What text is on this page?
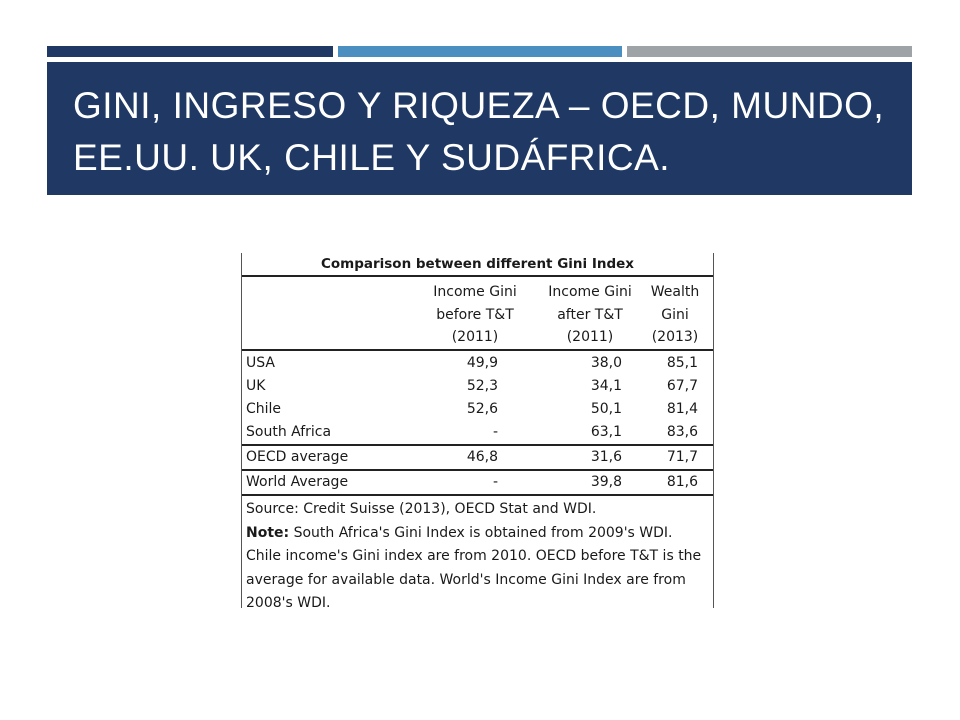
GINI, INGRESO Y RIQUEZA – OECD, MUNDO, EE.UU. UK, CHILE Y SUDÁFRICA.
Comparison between different Gini Index
Income Gini
before T&T
(2011)
Income Gini
after T&T
(2011)
Wealth
Gini
(2013)
USA	49,9	38,0	85,1
UK	52,3	34,1	67,7
Chile	52,6	50,1	81,4
South Africa	-	63,1	83,6
OECD average	46,8	31,6	71,7
World Average	-	39,8	81,6
Source: Credit Suisse (2013), OECD Stat and WDI.
Note: South Africa's Gini Index is obtained from 2009's WDI.
Chile income's Gini index are from 2010. OECD before T&T is the
average for available data. World's Income Gini Index are from
2008's WDI.
